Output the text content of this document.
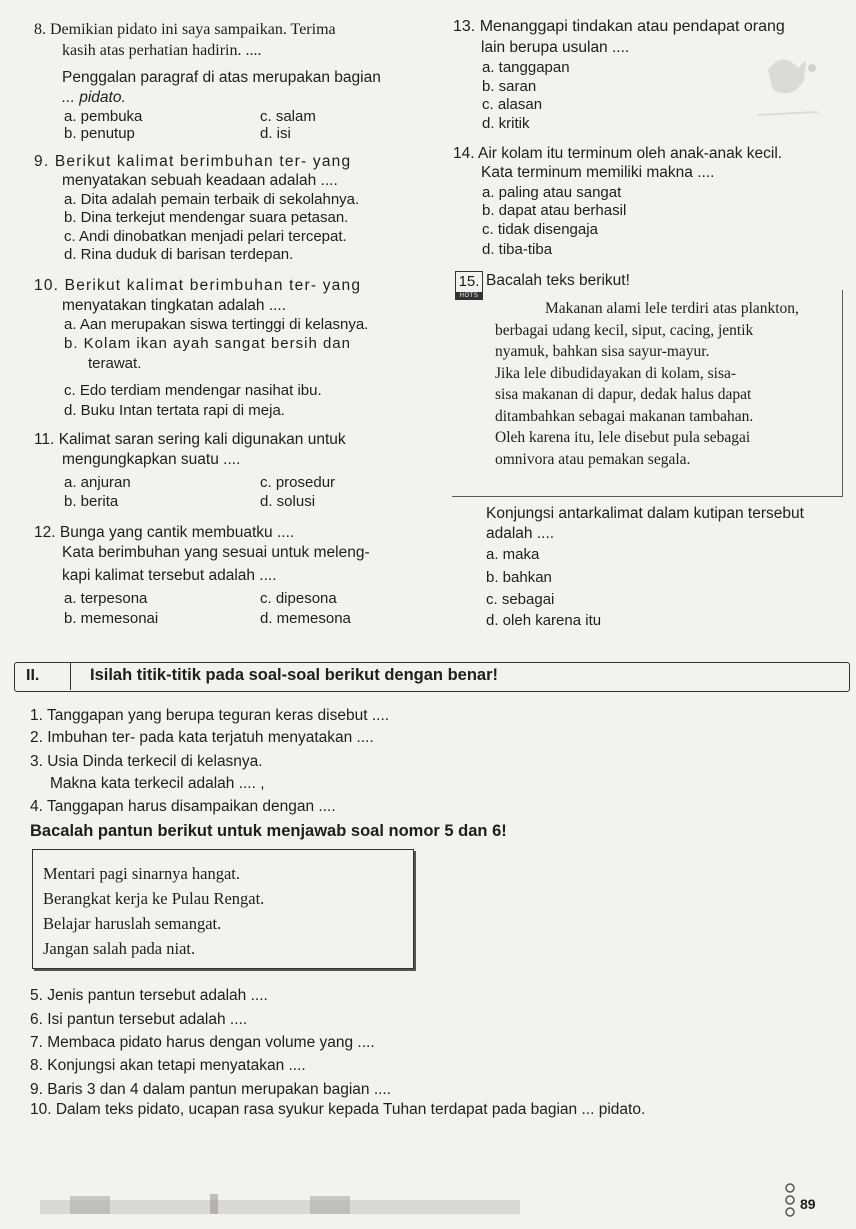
8. Demikian pidato ini saya sampaikan. Terima
kasih atas perhatian hadirin. ....
Penggalan paragraf di atas merupakan bagian
... pidato.
a. pembuka
b. penutup
c. salam
d. isi
9. Berikut kalimat berimbuhan ter- yang
menyatakan sebuah keadaan adalah ....
a. Dita adalah pemain terbaik di sekolahnya.
b. Dina terkejut mendengar suara petasan.
c. Andi dinobatkan menjadi pelari tercepat.
d. Rina duduk di barisan terdepan.
10. Berikut kalimat berimbuhan ter- yang
menyatakan tingkatan adalah ....
a. Aan merupakan siswa tertinggi di kelasnya.
b. Kolam ikan ayah sangat bersih dan
terawat.
c. Edo terdiam mendengar nasihat ibu.
d. Buku Intan tertata rapi di meja.
11. Kalimat saran sering kali digunakan untuk
mengungkapkan suatu ....
a. anjuran
b. berita
c. prosedur
d. solusi
12. Bunga yang cantik membuatku ....
Kata berimbuhan yang sesuai untuk meleng-
kapi kalimat tersebut adalah ....
a. terpesona
b. memesonai
c. dipesona
d. memesona
13. Menanggapi tindakan atau pendapat orang
lain berupa usulan ....
a. tanggapan
b. saran
c. alasan
d. kritik
14. Air kolam itu terminum oleh anak-anak kecil.
Kata terminum memiliki makna ....
a. paling atau sangat
b. dapat atau berhasil
c. tidak disengaja
d. tiba-tiba
15.
HOTS
Bacalah teks berikut!
Makanan alami lele terdiri atas plankton,
berbagai udang kecil, siput, cacing, jentik
nyamuk, bahkan sisa sayur-mayur.
Jika lele dibudidayakan di kolam, sisa-
sisa makanan di dapur, dedak halus dapat
ditambahkan sebagai makanan tambahan.
Oleh karena itu, lele disebut pula sebagai
omnivora atau pemakan segala.
Konjungsi antarkalimat dalam kutipan tersebut
adalah ....
a. maka
b. bahkan
c. sebagai
d. oleh karena itu
II.	Isilah titik-titik pada soal-soal berikut dengan benar!
1. Tanggapan yang berupa teguran keras disebut ....
2. Imbuhan ter- pada kata terjatuh menyatakan ....
3. Usia Dinda terkecil di kelasnya.
Makna kata terkecil adalah .... ,
4. Tanggapan harus disampaikan dengan ....
Bacalah pantun berikut untuk menjawab soal nomor 5 dan 6!
Mentari pagi sinarnya hangat.
Berangkat kerja ke Pulau Rengat.
Belajar haruslah semangat.
Jangan salah pada niat.
5. Jenis pantun tersebut adalah ....
6. Isi pantun tersebut adalah ....
7. Membaca pidato harus dengan volume yang ....
8. Konjungsi akan tetapi menyatakan ....
9. Baris 3 dan 4 dalam pantun merupakan bagian ....
10. Dalam teks pidato, ucapan rasa syukur kepada Tuhan terdapat pada bagian ... pidato.
89
